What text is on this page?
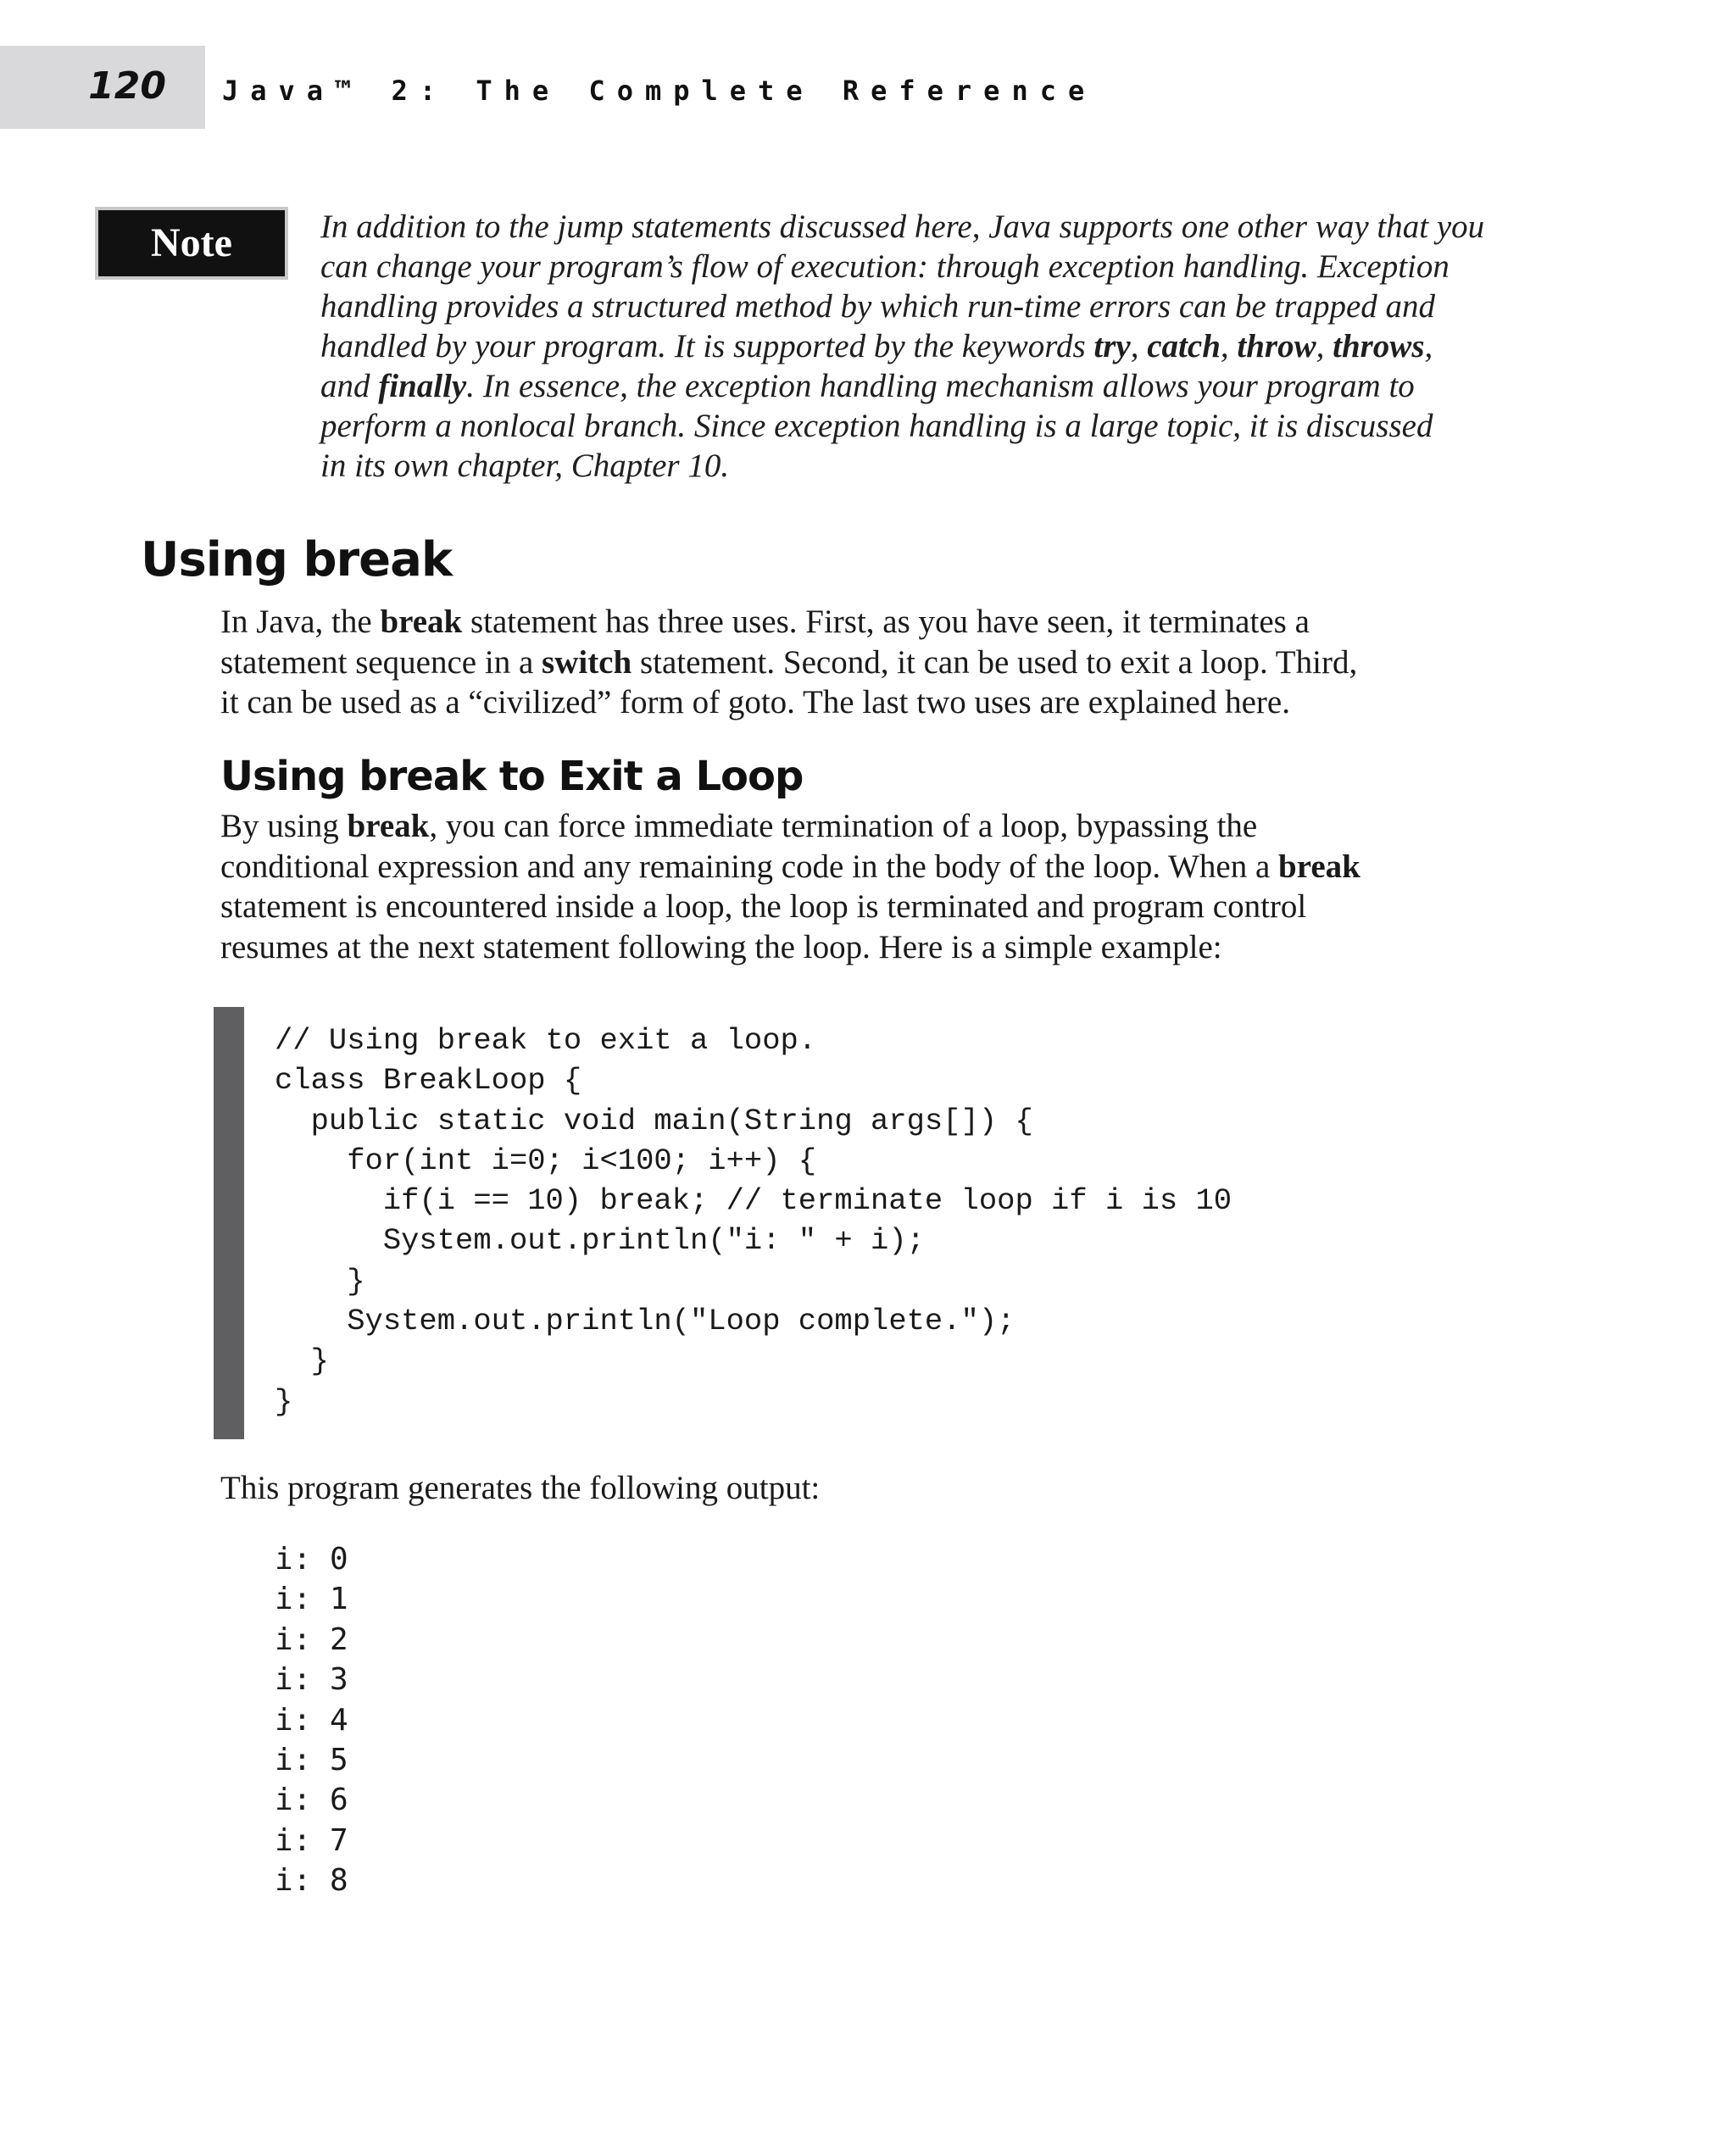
120 Java™ 2: The Complete Reference
Note	In addition to the jump statements discussed here, Java supports one other way that you
can change your program’s flow of execution: through exception handling. Exception
handling provides a structured method by which run-time errors can be trapped and
handled by your program. It is supported by the keywords try, catch, throw, throws,
and finally. In essence, the exception handling mechanism allows your program to
perform a nonlocal branch. Since exception handling is a large topic, it is discussed
in its own chapter, Chapter 10.
Using break
In Java, the break statement has three uses. First, as you have seen, it terminates a
statement sequence in a switch statement. Second, it can be used to exit a loop. Third,
it can be used as a “civilized” form of goto. The last two uses are explained here.
Using break to Exit a Loop
By using break, you can force immediate termination of a loop, bypassing the
conditional expression and any remaining code in the body of the loop. When a break
statement is encountered inside a loop, the loop is terminated and program control
resumes at the next statement following the loop. Here is a simple example:
// Using break to exit a loop.
class BreakLoop {
public static void main(String args[]) {
for(int i=0; i<100; i++) {
if(i == 10) break; // terminate loop if i is 10
System.out.println("i: " + i);
}
System.out.println("Loop complete.");
}
}
This program generates the following output:
i: 0
i: 1
i: 2
i: 3
i: 4
i: 5
i: 6
i: 7
i: 8
